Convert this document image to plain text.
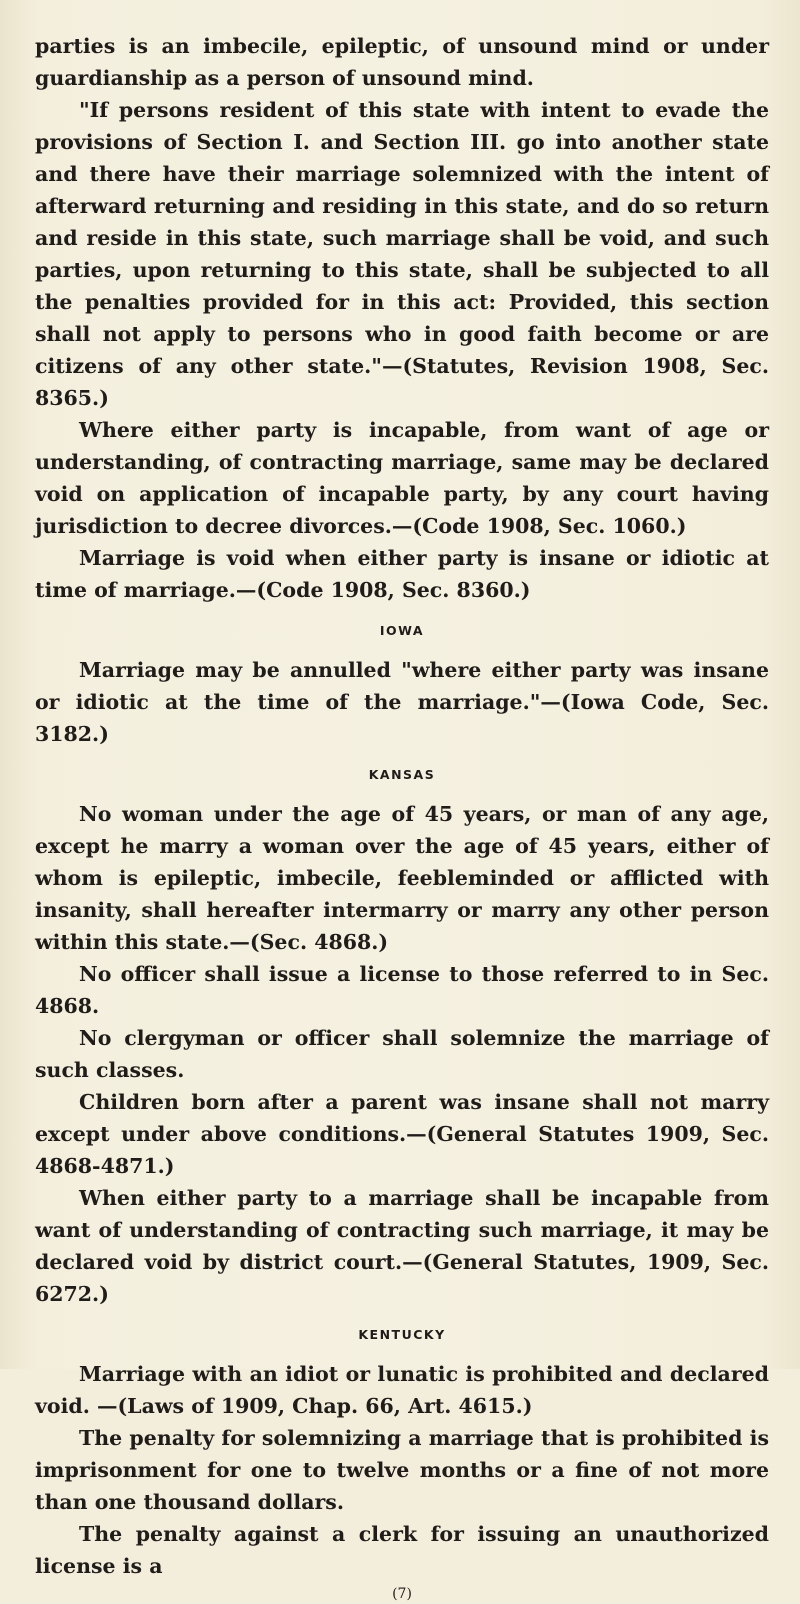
parties is an imbecile, epileptic, of unsound mind or under guardianship as a person of unsound mind.

"If persons resident of this state with intent to evade the provisions of Section I. and Section III. go into another state and there have their marriage solemnized with the intent of afterward returning and residing in this state, and do so return and reside in this state, such marriage shall be void, and such parties, upon returning to this state, shall be subjected to all the penalties provided for in this act: Provided, this section shall not apply to persons who in good faith become or are citizens of any other state."—(Statutes, Revision 1908, Sec. 8365.)

Where either party is incapable, from want of age or understanding, of contracting marriage, same may be declared void on application of incapable party, by any court having jurisdiction to decree divorces.—(Code 1908, Sec. 1060.)

Marriage is void when either party is insane or idiotic at time of marriage.—(Code 1908, Sec. 8360.)

IOWA

Marriage may be annulled "where either party was insane or idiotic at the time of the marriage."—(Iowa Code, Sec. 3182.)

KANSAS

No woman under the age of 45 years, or man of any age, except he marry a woman over the age of 45 years, either of whom is epileptic, imbecile, feebleminded or afflicted with insanity, shall hereafter intermarry or marry any other person within this state.—(Sec. 4868.)

No officer shall issue a license to those referred to in Sec. 4868.

No clergyman or officer shall solemnize the marriage of such classes.

Children born after a parent was insane shall not marry except under above conditions.—(General Statutes 1909, Sec. 4868-4871.)

When either party to a marriage shall be incapable from want of understanding of contracting such marriage, it may be declared void by district court.—(General Statutes, 1909, Sec. 6272.)

KENTUCKY

Marriage with an idiot or lunatic is prohibited and declared void. —(Laws of 1909, Chap. 66, Art. 4615.)

The penalty for solemnizing a marriage that is prohibited is imprisonment for one to twelve months or a fine of not more than one thousand dollars.

The penalty against a clerk for issuing an unauthorized license is a

(7)
